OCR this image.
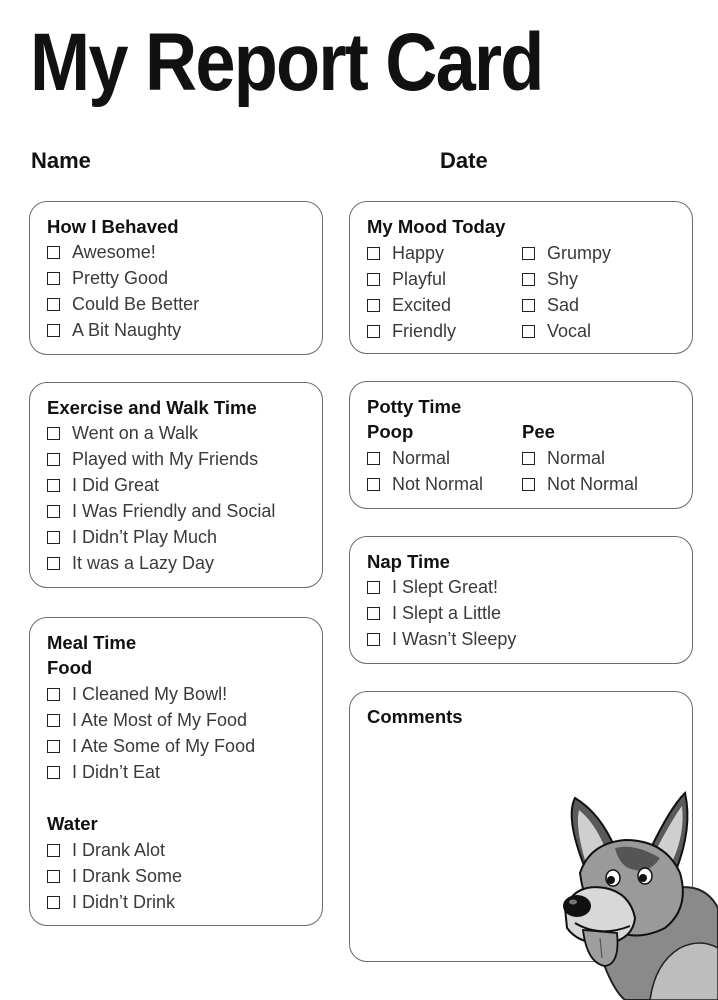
My Report Card
Name	Date
How I Behaved
Awesome!
Pretty Good
Could Be Better
A Bit Naughty
Exercise and Walk Time
Went on a Walk
Played with My Friends
I Did Great
I Was Friendly and Social
I Didn’t Play Much
It was a Lazy Day
Meal Time
Food
I Cleaned My Bowl!
I Ate Most of My Food
I Ate Some of My Food
I Didn’t Eat
Water
I Drank Alot
I Drank Some
I Didn’t Drink
My Mood Today
Happy
Playful
Excited
Friendly
Grumpy
Shy
Sad
Vocal
Potty Time
Poop
Normal
Not Normal
Pee
Normal
Not Normal
Nap Time
I Slept Great!
I Slept a Little
I Wasn’t Sleepy
Comments
